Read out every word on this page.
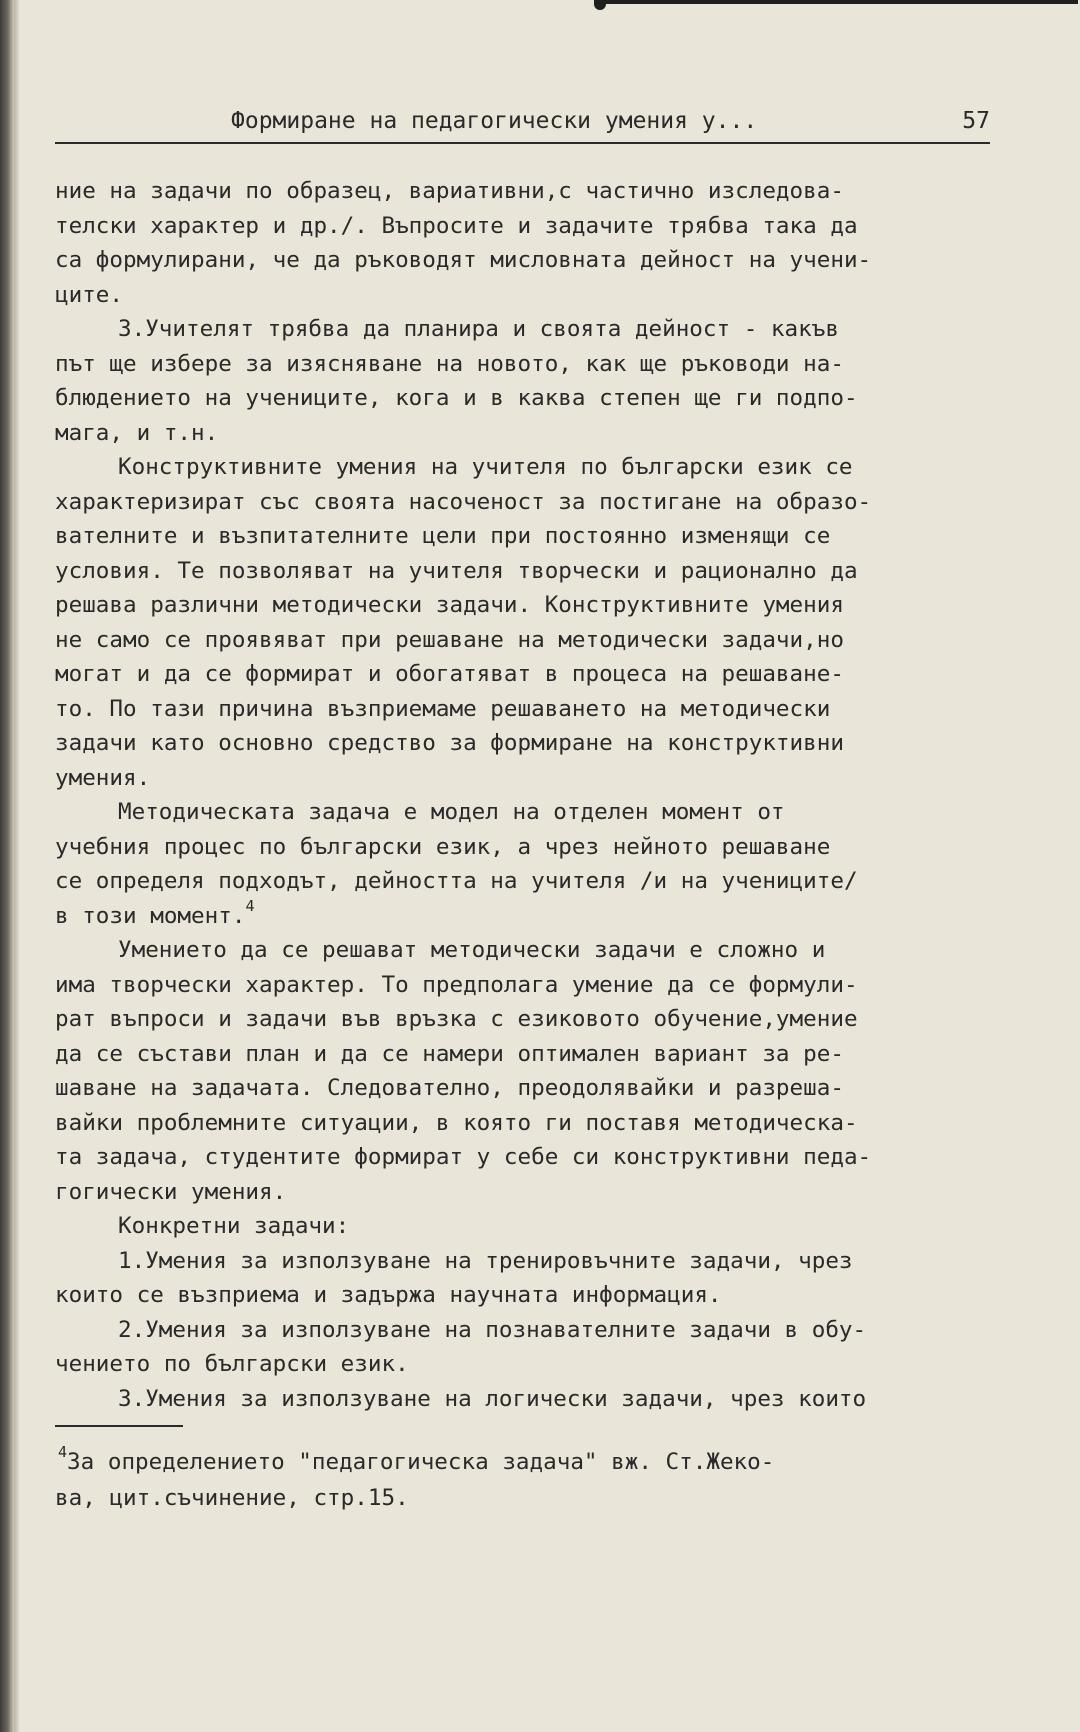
Формиране на педагогически умения у...	57
ние на задачи по образец, вариативни,с частично изследова-
телски характер и др./. Въпросите и задачите трябва така да
са формулирани, че да ръководят мисловната дейност на учени-
ците.
3.Учителят трябва да планира и своята дейност - какъв
път ще избере за изясняване на новото, как ще ръководи на-
блюдението на учениците, кога и в каква степен ще ги подпо-
мага, и т.н.
Конструктивните умения на учителя по български език се
характеризират със своята насоченост за постигане на образо-
вателните и възпитателните цели при постоянно изменящи се
условия. Те позволяват на учителя творчески и рационално да
решава различни методически задачи. Конструктивните умения
не само се проявяват при решаване на методически задачи,но
могат и да се формират и обогатяват в процеса на решаване-
то. По тази причина възприемаме решаването на методически
задачи като основно средство за формиране на конструктивни
умения.
Методическата задача е модел на отделен момент от
учебния процес по български език, а чрез нейното решаване
се определя подходът, дейността на учителя /и на учениците/
в този момент.$^4$
Умението да се решават методически задачи е сложно и
има творчески характер. То предполага умение да се формули-
рат въпроси и задачи във връзка с езиковото обучение,умение
да се състави план и да се намери оптимален вариант за ре-
шаване на задачата. Следователно, преодолявайки и разреша-
вайки проблемните ситуации, в която ги поставя методическа-
та задача, студентите формират у себе си конструктивни педа-
гогически умения.
Конкретни задачи:
1.Умения за използуване на тренировъчните задачи, чрез
които се възприема и задържа научната информация.
2.Умения за използуване на познавателните задачи в обу-
чението по български език.
3.Умения за използуване на логически задачи, чрез които
$^4$За определението "педагогическа задача" вж. Ст.Жеко-
ва, цит.съчинение, стр.15.
